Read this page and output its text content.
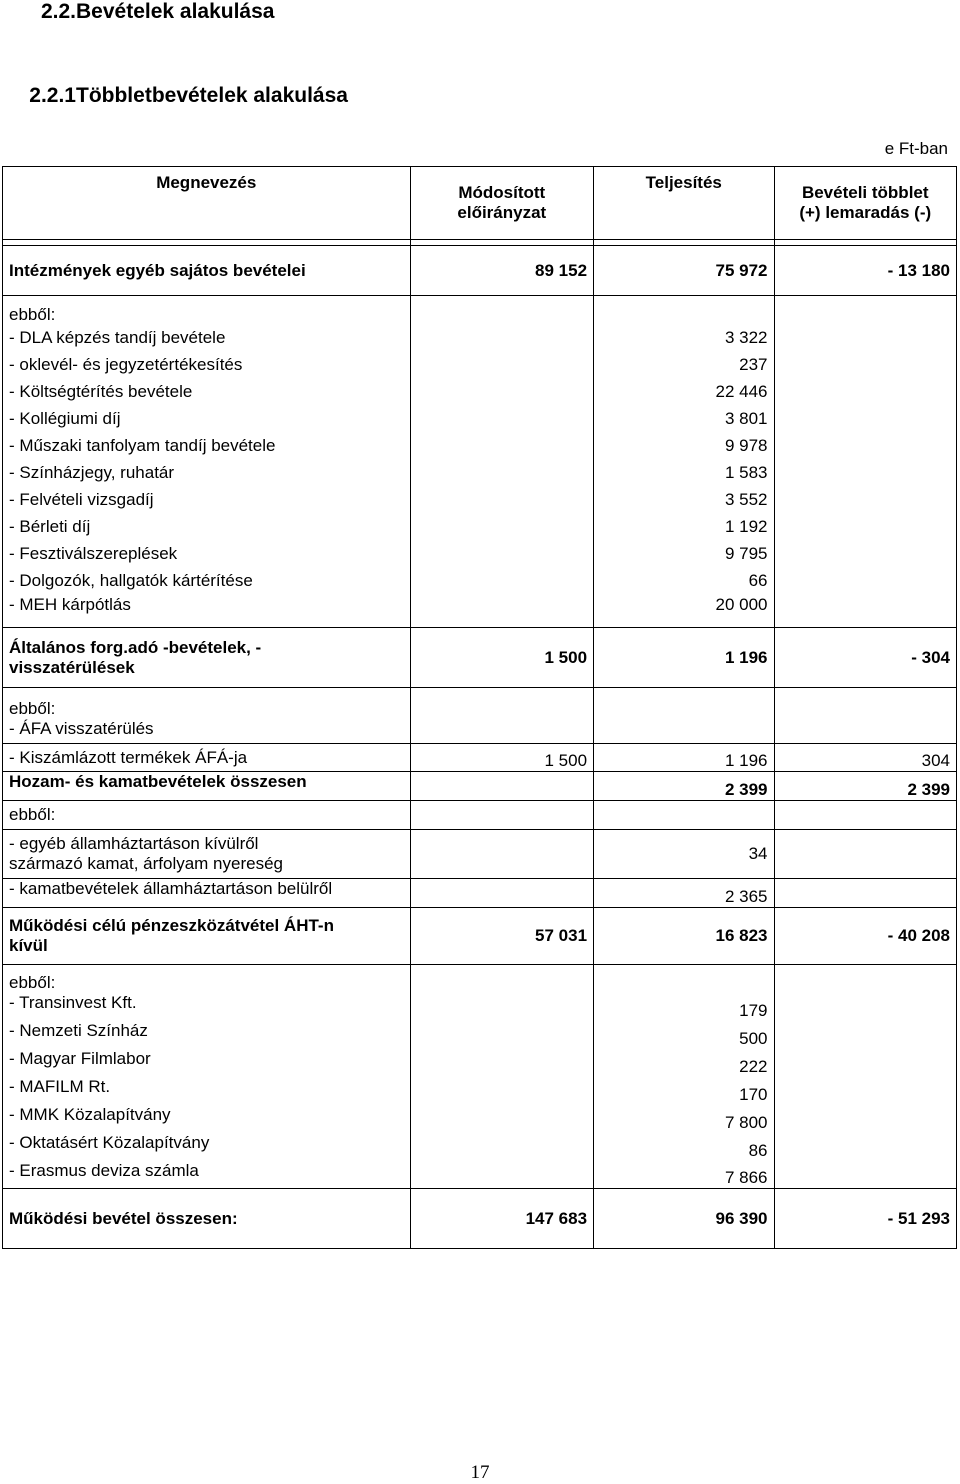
2.2.Bevételek alakulása
2.2.1Többletbevételek alakulása
e Ft-ban
Megnevezés	Módosított
előirányzat	Teljesítés	Bevételi többlet
(+) lemaradás (-)

Intézmények egyéb sajátos bevételei	89 152	75 972	- 13 180
ebből:			
- DLA képzés tandíj bevétele		3 322	
- oklevél- és jegyzetértékesítés		237	
- Költségtérítés bevétele		22 446	
- Kollégiumi díj		3 801	
- Műszaki tanfolyam tandíj bevétele		9 978	
- Színházjegy, ruhatár		1 583	
- Felvételi vizsgadíj		3 552	
- Bérleti díj		1 192	
- Fesztiválszereplések		9 795	
- Dolgozók, hallgatók kártérítése		66	
- MEH kárpótlás		20 000	
Általános forg.adó -bevételek, -
visszatérülések	1 500	1 196	- 304
ebből:
- ÁFA visszatérülés			
- Kiszámlázott termékek ÁFÁ-ja	1 500	1 196	304
Hozam- és kamatbevételek összesen		2 399	2 399
ebből:			
- egyéb államháztartáson kívülről
származó kamat, árfolyam nyereség		34	
- kamatbevételek államháztartáson belülről		2 365	
Működési célú pénzeszközátvétel ÁHT-n
kívül	57 031	16 823	- 40 208
ebből:			
- Transinvest Kft.		179	
- Nemzeti Színház		500	
- Magyar Filmlabor		222	
- MAFILM Rt.		170	
- MMK Közalapítvány		7 800	
- Oktatásért Közalapítvány		86	
- Erasmus deviza számla		7 866	
Működési bevétel összesen:	147 683	96 390	- 51 293
17
